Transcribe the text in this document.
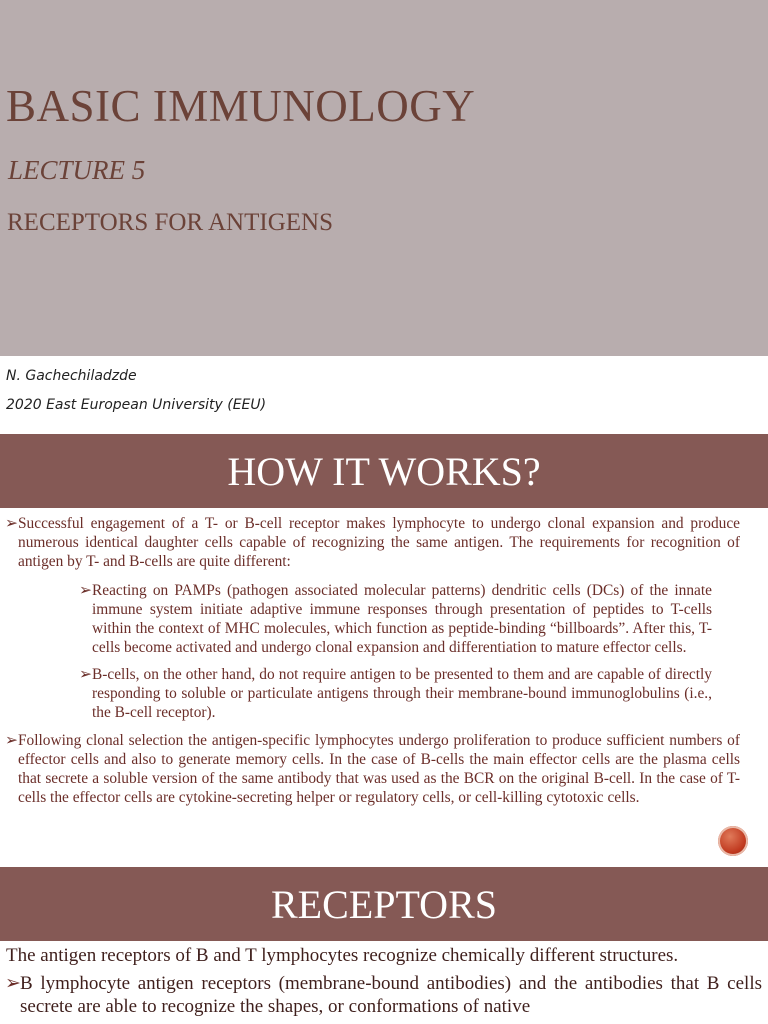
BASIC IMMUNOLOGY

LECTURE 5

RECEPTORS FOR ANTIGENS

N. Gachechiladzde

2020 East European University (EEU)

HOW IT WORKS?
➢ Successful engagement of a T- or B-cell receptor makes lymphocyte to undergo clonal expansion and produce numerous identical daughter cells capable of recognizing the same antigen. The requirements for recognition of antigen by T- and B-cells are quite different:
➢ Reacting on PAMPs (pathogen associated molecular patterns) dendritic cells (DCs) of the innate immune system initiate adaptive immune responses through presentation of peptides to T-cells within the context of MHC molecules, which function as peptide-binding “billboards”. After this, T-cells become activated and undergo clonal expansion and differentiation to mature effector cells.
➢ B-cells, on the other hand, do not require antigen to be presented to them and are capable of directly responding to soluble or particulate antigens through their membrane-bound immunoglobulins (i.e., the B-cell receptor).
➢ Following clonal selection the antigen-specific lymphocytes undergo proliferation to produce sufficient numbers of effector cells and also to generate memory cells. In the case of B-cells the main effector cells are the plasma cells that secrete a soluble version of the same antibody that was used as the BCR on the original B-cell. In the case of T-cells the effector cells are cytokine-secreting helper or regulatory cells, or cell-killing cytotoxic cells.
RECEPTORS
The antigen receptors of B and T lymphocytes recognize chemically different structures.
➢ B lymphocyte antigen receptors (membrane-bound antibodies) and the antibodies that B cells secrete are able to recognize the shapes, or conformations of native
